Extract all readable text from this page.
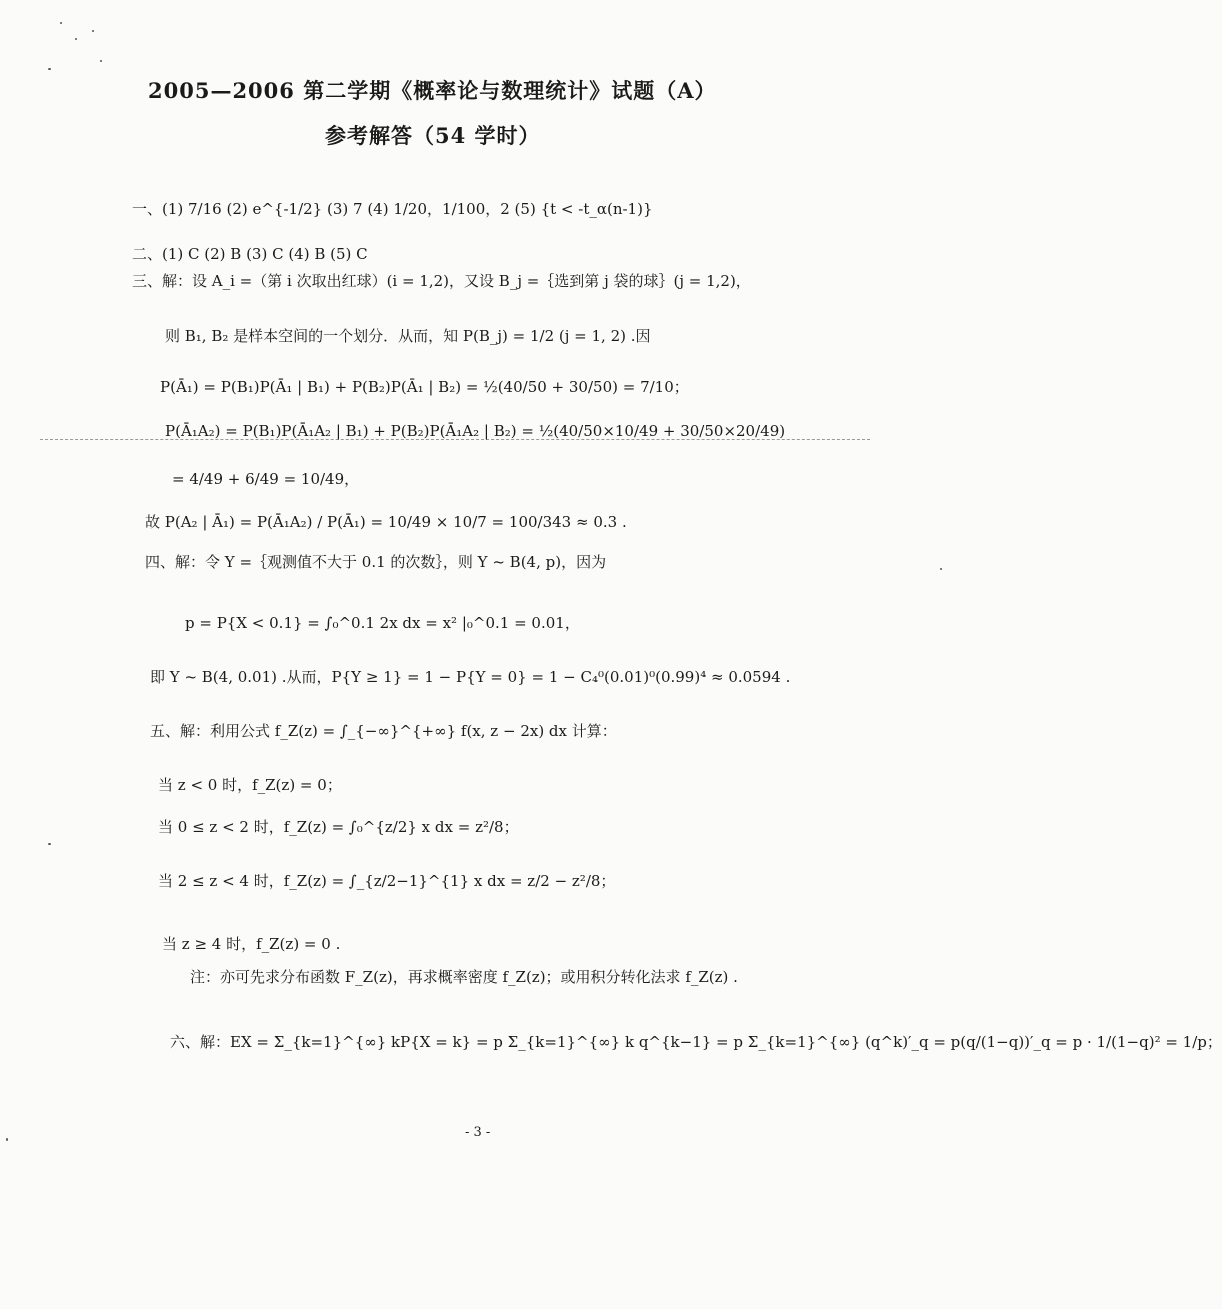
2005—2006 第二学期《概率论与数理统计》试题（A）
参考解答（54 学时）
一、(1) 7/16 (2) e^{-1/2} (3) 7 (4) 1/20，1/100，2 (5) {t < -t_α(n-1)}
二、(1) C (2) B (3) C (4) B (5) C
三、解：设 A_i =（第 i 次取出红球）(i = 1,2)，又设 B_j =｛选到第 j 袋的球｝(j = 1,2)，
则 B₁, B₂ 是样本空间的一个划分．从而，知 P(B_j) = 1/2 (j = 1, 2) .因
P(Ā₁) = P(B₁)P(Ā₁ | B₁) + P(B₂)P(Ā₁ | B₂) = ½(40/50 + 30/50) = 7/10；
P(Ā₁A₂) = P(B₁)P(Ā₁A₂ | B₁) + P(B₂)P(Ā₁A₂ | B₂) = ½(40/50×10/49 + 30/50×20/49)
= 4/49 + 6/49 = 10/49，
故 P(A₂ | Ā₁) = P(Ā₁A₂) / P(Ā₁) = 10/49 × 10/7 = 100/343 ≈ 0.3 .
四、解：令 Y =｛观测值不大于 0.1 的次数｝，则 Y ~ B(4, p)，因为
p = P{X < 0.1} = ∫₀^0.1 2x dx = x² |₀^0.1 = 0.01，
即 Y ~ B(4, 0.01) .从而，P{Y ≥ 1} = 1 − P{Y = 0} = 1 − C₄⁰(0.01)⁰(0.99)⁴ ≈ 0.0594 .
五、解：利用公式 f_Z(z) = ∫_{−∞}^{+∞} f(x, z − 2x) dx 计算：
当 z < 0 时，f_Z(z) = 0；
当 0 ≤ z < 2 时，f_Z(z) = ∫₀^{z/2} x dx = z²/8；
当 2 ≤ z < 4 时，f_Z(z) = ∫_{z/2−1}^{1} x dx = z/2 − z²/8；
当 z ≥ 4 时，f_Z(z) = 0 .
注：亦可先求分布函数 F_Z(z)，再求概率密度 f_Z(z)；或用积分转化法求 f_Z(z) .
六、解：EX = Σ_{k=1}^{∞} kP{X = k} = p Σ_{k=1}^{∞} k q^{k−1} = p Σ_{k=1}^{∞} (q^k)′_q = p(q/(1−q))′_q = p · 1/(1−q)² = 1/p；
- 3 -
